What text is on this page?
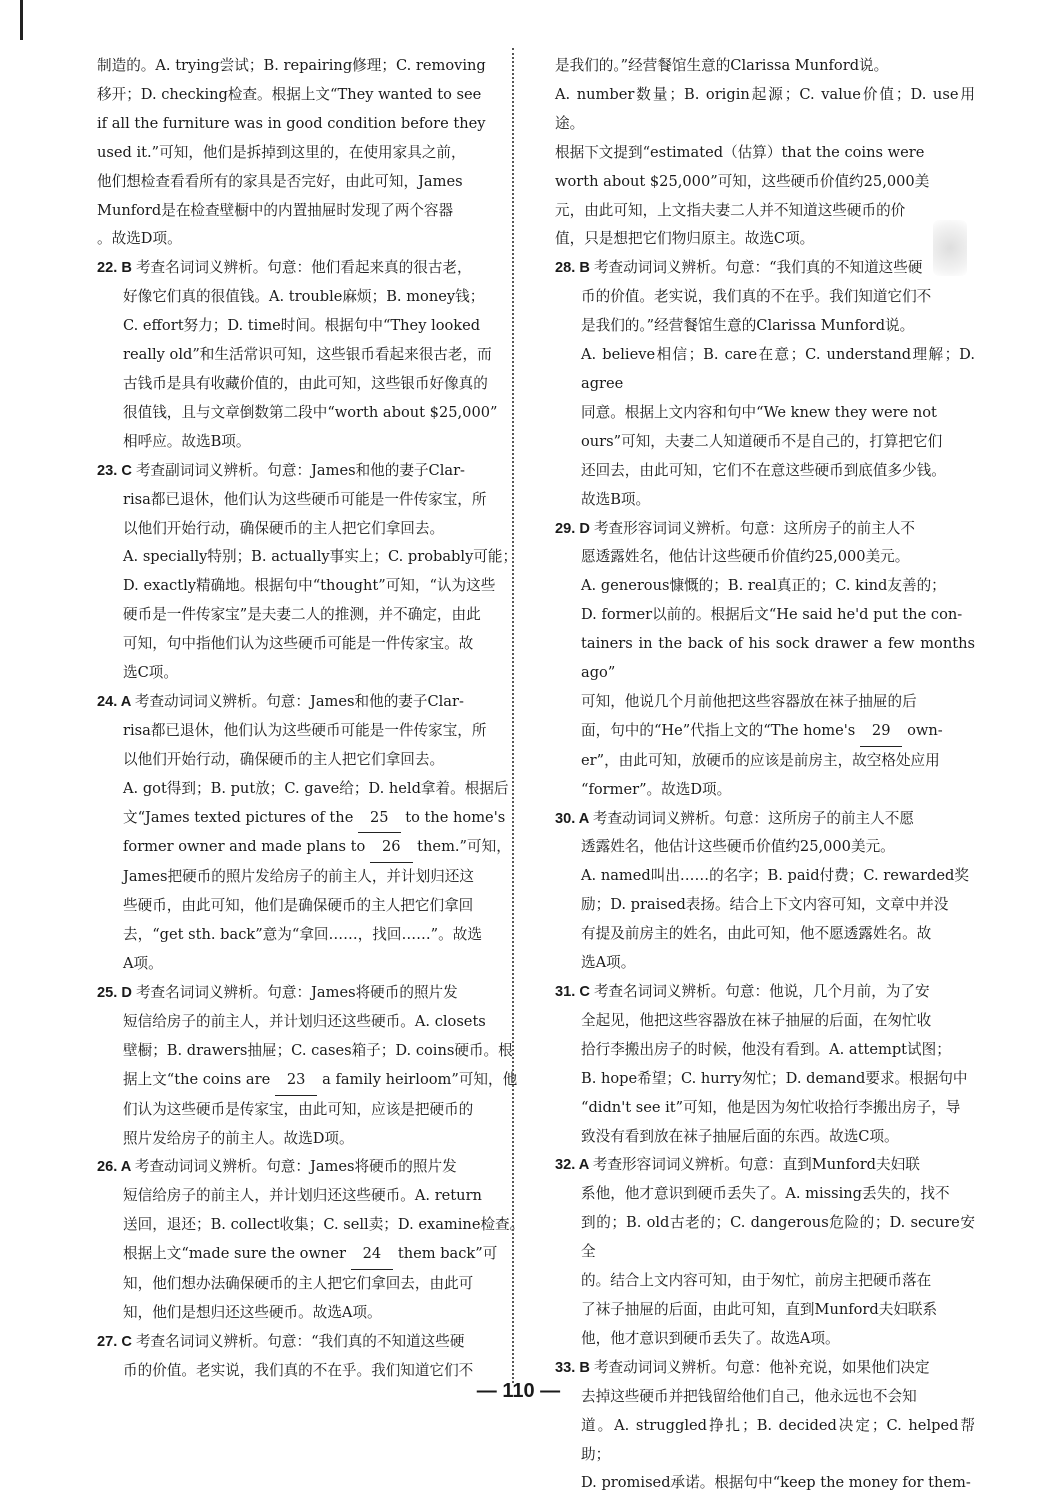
制造的。A. trying尝试；B. repairing修理；C. removing
移开；D. checking检查。根据上文“They wanted to see
if all the furniture was in good condition before they
used it.”可知，他们是拆掉到这里的，在使用家具之前，
他们想检查看看所有的家具是否完好，由此可知，James
Munford是在检查壁橱中的内置抽屉时发现了两个容器
。故选D项。
22. B 考查名词词义辨析。句意：他们看起来真的很古老，
好像它们真的很值钱。A. trouble麻烦；B. money钱；
C. effort努力；D. time时间。根据句中“They looked
really old”和生活常识可知，这些银币看起来很古老，而
古钱币是具有收藏价值的，由此可知，这些银币好像真的
很值钱，且与文章倒数第二段中“worth about $25,000”
相呼应。故选B项。
23. C 考查副词词义辨析。句意：James和他的妻子Clar-
risa都已退休，他们认为这些硬币可能是一件传家宝，所
以他们开始行动，确保硬币的主人把它们拿回去。
A. specially特别；B. actually事实上；C. probably可能；
D. exactly精确地。根据句中“thought”可知，“认为这些
硬币是一件传家宝”是夫妻二人的推测，并不确定，由此
可知，句中指他们认为这些硬币可能是一件传家宝。故
选C项。
24. A 考查动词词义辨析。句意：James和他的妻子Clar-
risa都已退休，他们认为这些硬币可能是一件传家宝，所
以他们开始行动，确保硬币的主人把它们拿回去。
A. got得到；B. put放；C. gave给；D. held拿着。根据后
文“James texted pictures of the 25 to the home's
former owner and made plans to 26 them.”可知，
James把硬币的照片发给房子的前主人，并计划归还这
些硬币，由此可知，他们是确保硬币的主人把它们拿回
去，“get sth. back”意为“拿回……，找回……”。故选
A项。
25. D 考查名词词义辨析。句意：James将硬币的照片发
短信给房子的前主人，并计划归还这些硬币。A. closets
壁橱；B. drawers抽屉；C. cases箱子；D. coins硬币。根
据上文“the coins are 23 a family heirloom”可知，他
们认为这些硬币是传家宝，由此可知，应该是把硬币的
照片发给房子的前主人。故选D项。
26. A 考查动词词义辨析。句意：James将硬币的照片发
短信给房子的前主人，并计划归还这些硬币。A. return
送回，退还；B. collect收集；C. sell卖；D. examine检查。
根据上文“made sure the owner 24 them back”可
知，他们想办法确保硬币的主人把它们拿回去，由此可
知，他们是想归还这些硬币。故选A项。
27. C 考查名词词义辨析。句意：“我们真的不知道这些硬
币的价值。老实说，我们真的不在乎。我们知道它们不
是我们的。”经营餐馆生意的Clarissa Munford说。
A. number数量；B. origin起源；C. value价值；D. use用途。
根据下文提到“estimated（估算）that the coins were
worth about $25,000”可知，这些硬币价值约25,000美
元，由此可知，上文指夫妻二人并不知道这些硬币的价
值，只是想把它们物归原主。故选C项。
28. B 考查动词词义辨析。句意：“我们真的不知道这些硬
币的价值。老实说，我们真的不在乎。我们知道它们不
是我们的。”经营餐馆生意的Clarissa Munford说。
A. believe相信；B. care在意；C. understand理解；D. agree
同意。根据上文内容和句中“We knew they were not
ours”可知，夫妻二人知道硬币不是自己的，打算把它们
还回去，由此可知，它们不在意这些硬币到底值多少钱。
故选B项。
29. D 考查形容词词义辨析。句意：这所房子的前主人不
愿透露姓名，他估计这些硬币价值约25,000美元。
A. generous慷慨的；B. real真正的；C. kind友善的；
D. former以前的。根据后文“He said he'd put the con-
tainers in the back of his sock drawer a few months ago”
可知，他说几个月前他把这些容器放在袜子抽屉的后
面，句中的“He”代指上文的“The home's 29 own-
er”，由此可知，放硬币的应该是前房主，故空格处应用
“former”。故选D项。
30. A 考查动词词义辨析。句意：这所房子的前主人不愿
透露姓名，他估计这些硬币价值约25,000美元。
A. named叫出……的名字；B. paid付费；C. rewarded奖
励；D. praised表扬。结合上下文内容可知，文章中并没
有提及前房主的姓名，由此可知，他不愿透露姓名。故
选A项。
31. C 考查名词词义辨析。句意：他说，几个月前，为了安
全起见，他把这些容器放在袜子抽屉的后面，在匆忙收
拾行李搬出房子的时候，他没有看到。A. attempt试图；
B. hope希望；C. hurry匆忙；D. demand要求。根据句中
“didn't see it”可知，他是因为匆忙收拾行李搬出房子，导
致没有看到放在袜子抽屉后面的东西。故选C项。
32. A 考查形容词词义辨析。句意：直到Munford夫妇联
系他，他才意识到硬币丢失了。A. missing丢失的，找不
到的；B. old古老的；C. dangerous危险的；D. secure安全
的。结合上文内容可知，由于匆忙，前房主把硬币落在
了袜子抽屉的后面，由此可知，直到Munford夫妇联系
他，他才意识到硬币丢失了。故选A项。
33. B 考查动词词义辨析。句意：他补充说，如果他们决定
去掉这些硬币并把钱留给他们自己，他永远也不会知
道。A. struggled挣扎；B. decided决定；C. helped帮助；
D. promised承诺。根据句中“keep the money for them-
— 110 —
